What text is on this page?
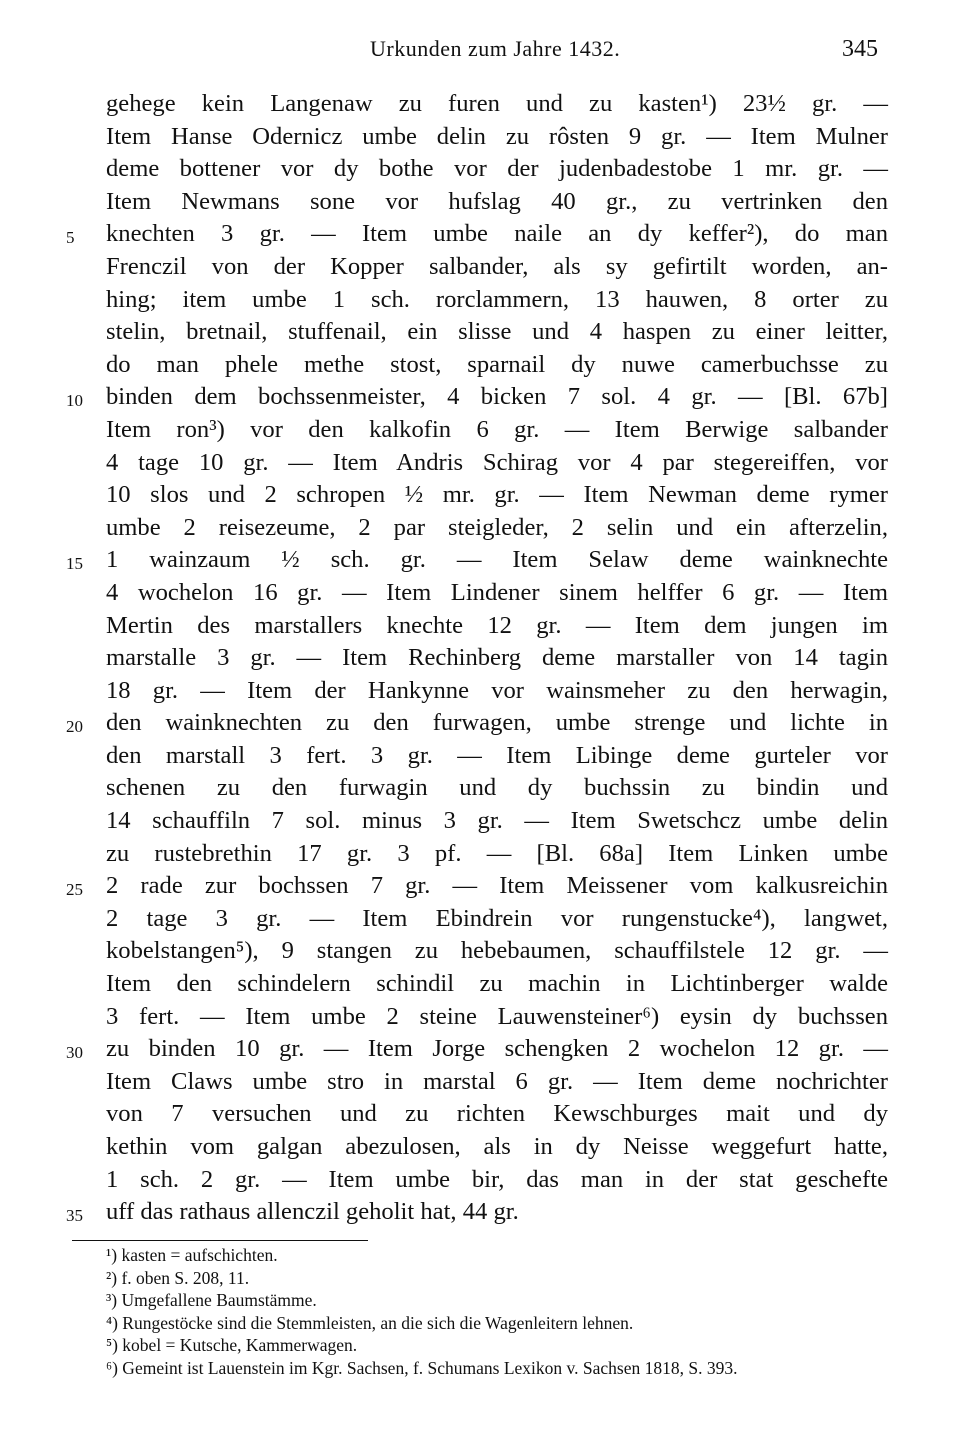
Urkunden zum Jahre 1432.	345
gehege kein Langenaw zu furen und zu kasten¹) 23½ gr. —
Item Hanse Odernicz umbe delin zu rôsten 9 gr. — Item Mulner
deme bottener vor dy bothe vor der judenbadestobe 1 mr. gr. —
Item Newmans sone vor hufslag 40 gr., zu vertrinken den
5 knechten 3 gr. — Item umbe naile an dy keffer²), do man
Frenczil von der Kopper salbander, als sy gefirtilt worden, an-
hing; item umbe 1 sch. rorclammern, 13 hauwen, 8 orter zu
stelin, bretnail, stuffenail, ein slisse und 4 haspen zu einer leitter,
do man phele methe stost, sparnail dy nuwe camerbuchsse zu
10 binden dem bochssenmeister, 4 bicken 7 sol. 4 gr. — [Bl. 67b]
Item ron³) vor den kalkofin 6 gr. — Item Berwige salbander
4 tage 10 gr. — Item Andris Schirag vor 4 par stegereiffen, vor
10 slos und 2 schropen ½ mr. gr. — Item Newman deme rymer
umbe 2 reisezeume, 2 par steigleder, 2 selin und ein afterzelin,
15 1 wainzaum ½ sch. gr. — Item Selaw deme wainknechte
4 wochelon 16 gr. — Item Lindener sinem helffer 6 gr. — Item
Mertin des marstallers knechte 12 gr. — Item dem jungen im
marstalle 3 gr. — Item Rechinberg deme marstaller von 14 tagin
18 gr. — Item der Hankynne vor wainsmeher zu den herwagin,
20 den wainknechten zu den furwagen, umbe strenge und lichte in
den marstall 3 fert. 3 gr. — Item Libinge deme gurteler vor
schenen zu den furwagin und dy buchssin zu bindin und
14 schauffiln 7 sol. minus 3 gr. — Item Swetschcz umbe delin
zu rustebrethin 17 gr. 3 pf. — [Bl. 68a] Item Linken umbe
25 2 rade zur bochssen 7 gr. — Item Meissener vom kalkusreichin
2 tage 3 gr. — Item Ebindrein vor rungenstucke⁴), langwet,
kobelstangen⁵), 9 stangen zu hebebaumen, schauffilstele 12 gr. —
Item den schindelern schindil zu machin in Lichtinberger walde
3 fert. — Item umbe 2 steine Lauwensteiner⁶) eysin dy buchssen
30 zu binden 10 gr. — Item Jorge schengken 2 wochelon 12 gr. —
Item Claws umbe stro in marstal 6 gr. — Item deme nochrichter
von 7 versuchen und zu richten Kewschburges mait und dy
kethin vom galgan abezulosen, als in dy Neisse weggefurt hatte,
1 sch. 2 gr. — Item umbe bir, das man in der stat geschefte
35 uff das rathaus allenczil geholit hat, 44 gr.
¹) kasten = aufschichten.
²) f. oben S. 208, 11.
³) Umgefallene Baumstämme.
⁴) Rungestöcke sind die Stemmleisten, an die sich die Wagenleitern lehnen.
⁵) kobel = Kutsche, Kammerwagen.
⁶) Gemeint ist Lauenstein im Kgr. Sachsen, f. Schumans Lexikon v. Sachsen 1818, S. 393.
